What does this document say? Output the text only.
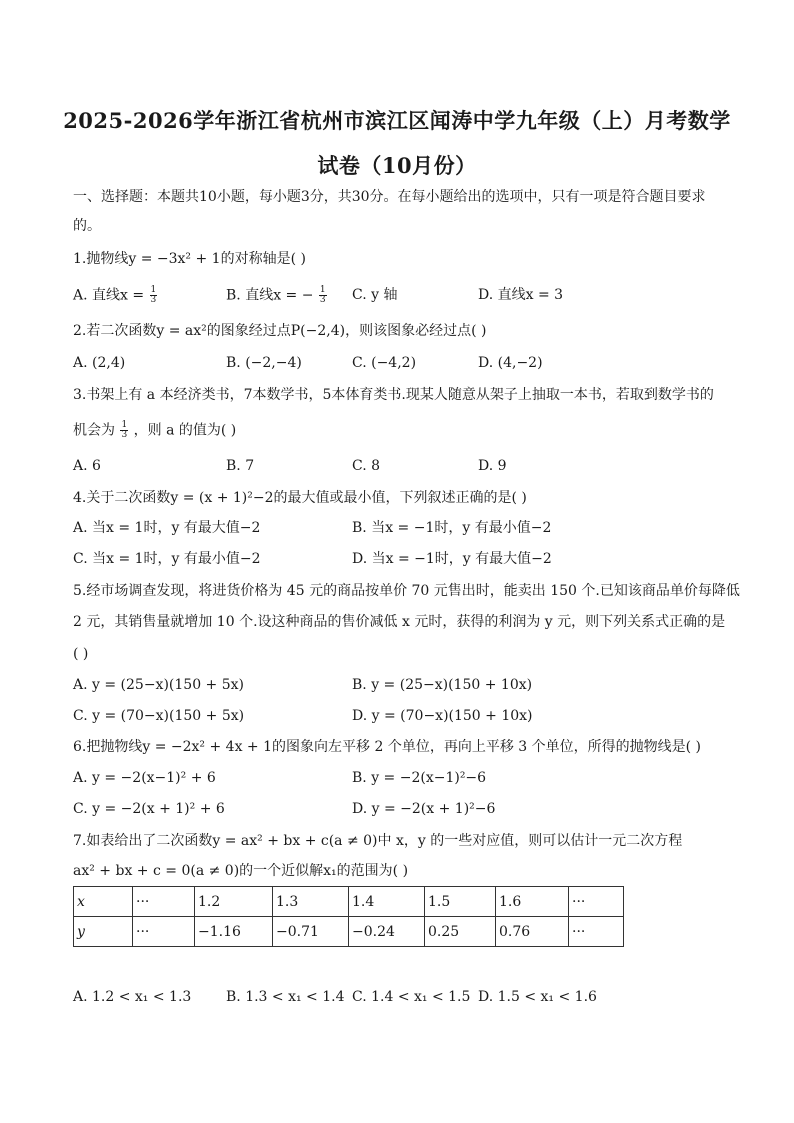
2025-2026学年浙江省杭州市滨江区闻涛中学九年级（上）月考数学
试卷（10月份）
一、选择题：本题共10小题，每小题3分，共30分。在每小题给出的选项中，只有一项是符合题目要求
的。
1.抛物线y = −3x² + 1的对称轴是( )
A. 直线$x = \frac{1}{3}$	B. 直线x = − $\frac{1}{3} C$. y 轴	D. 直线x = 3
2.若二次函数y = ax²的图象经过点P(−2,4)，则该图象必经过点( )
A. (2,4)	B. (−2,−4)	C. (−4,2)	D. (4,−2)
3.书架上有 a 本经济类书，7本数学书，5本体育类书.现某人随意从架子上抽取一本书，若取到数学书的
机会为 $\frac{1}{3}$ ，则 a 的值为( )
A. 6	B. 7	C. 8	D. 9
4.关于二次函数y = (x + 1)²−2的最大值或最小值，下列叙述正确的是( )
A. 当x = 1时，y 有最大值−2	B. 当x = −1时，y 有最小值−2
C. 当x = 1时，y 有最小值−2	D. 当x = −1时，y 有最大值−2
5.经市场调查发现，将进货价格为 45 元的商品按单价 70 元售出时，能卖出 150 个.已知该商品单价每降低
2 元，其销售量就增加 10 个.设这种商品的售价减低 x 元时，获得的利润为 y 元，则下列关系式正确的是
( )
A. y = (25−x)(150 + 5x)	B. y = (25−x)(150 + 10x)
C. y = (70−x)(150 + 5x)	D. y = (70−x)(150 + 10x)
6.把抛物线y = −2x² + 4x + 1的图象向左平移 2 个单位，再向上平移 3 个单位，所得的抛物线是( )
A. y = −2(x−1)² + 6	B. y = −2(x−1)²−6
C. y = −2(x + 1)² + 6	D. y = −2(x + 1)²−6
7.如表给出了二次函数y = ax² + bx + c(a ≠ 0)中 x，y 的一些对应值，则可以估计一元二次方程
ax² + bx + c = 0(a ≠ 0)的一个近似解x₁的范围为( )
x	···	1.2	1.3	1.4	1.5	1.6	···
y	···	−1.16	−0.71	−0.24	0.25	0.76	···
A. 1.2 < x₁ < 1.3 B. 1.3 < x₁ < 1.4 C. 1.4 < x₁ < 1.5 D. 1.5 < x₁ < 1.6
